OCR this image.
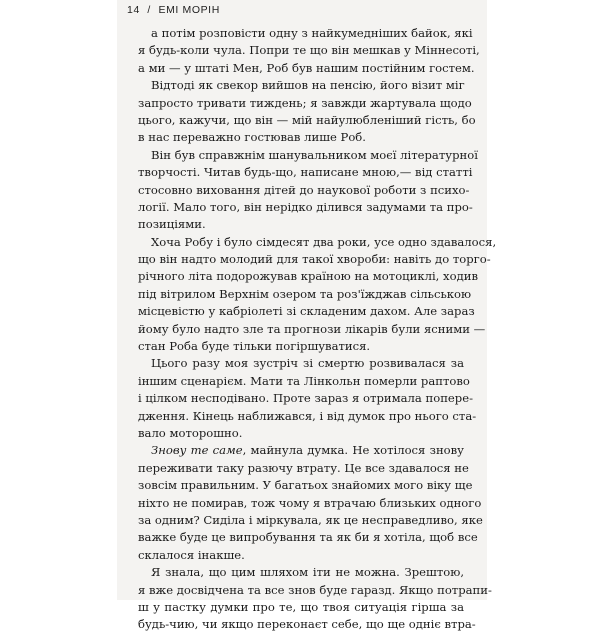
14 / ЕМІ МОРІН
а потім розповісти одну з найкумедніших байок, які
я будь-коли чула. Попри те що він мешкав у Міннесоті,
а ми — у штаті Мен, Роб був нашим постійним гостем.
Відтоді як свекор вийшов на пенсію, його візит міг
запросто тривати тиждень; я завжди жартувала щодо
цього, кажучи, що він — мій найулюбленіший гість, бо
в нас переважно гостював лише Роб.
Він був справжнім шанувальником моєї літературної
творчості. Читав будь-що, написане мною,— від статті
стосовно виховання дітей до наукової роботи з психо-
логії. Мало того, він нерідко ділився задумами та про-
позиціями.
Хоча Робу і було сімдесят два роки, усе одно здавалося,
що він надто молодий для такої хвороби: навіть до торго-
річного літа подорожував країною на мотоциклі, ходив
під вітрилом Верхнім озером та роз'їжджав сільською
місцевістю у кабріолеті зі складеним дахом. Але зараз
йому було надто зле та прогнози лікарів були ясними —
стан Роба буде тільки погіршуватися.
Цього разу моя зустріч зі смертю розвивалася за
іншим сценарієм. Мати та Лінкольн померли раптово
і цілком несподівано. Проте зараз я отримала попере-
дження. Кінець наближався, і від думок про нього ста-
вало моторошно.
Знову те саме, майнула думка. Не хотілося знову
переживати таку разючу втрату. Це все здавалося не
зовсім правильним. У багатьох знайомих мого віку ще
ніхто не помирав, тож чому я втрачаю близьких одного
за одним? Сиділа і міркувала, як це несправедливо, яке
важке буде це випробування та як би я хотіла, щоб все
склалося інакше.
Я знала, що цим шляхом іти не можна. Зрештою,
я вже досвідчена та все знов буде гаразд. Якщо потрапи-
ш у пастку думки про те, що твоя ситуація гірша за
будь-чию, чи якщо переконаєт себе, що ще одніє втра-
